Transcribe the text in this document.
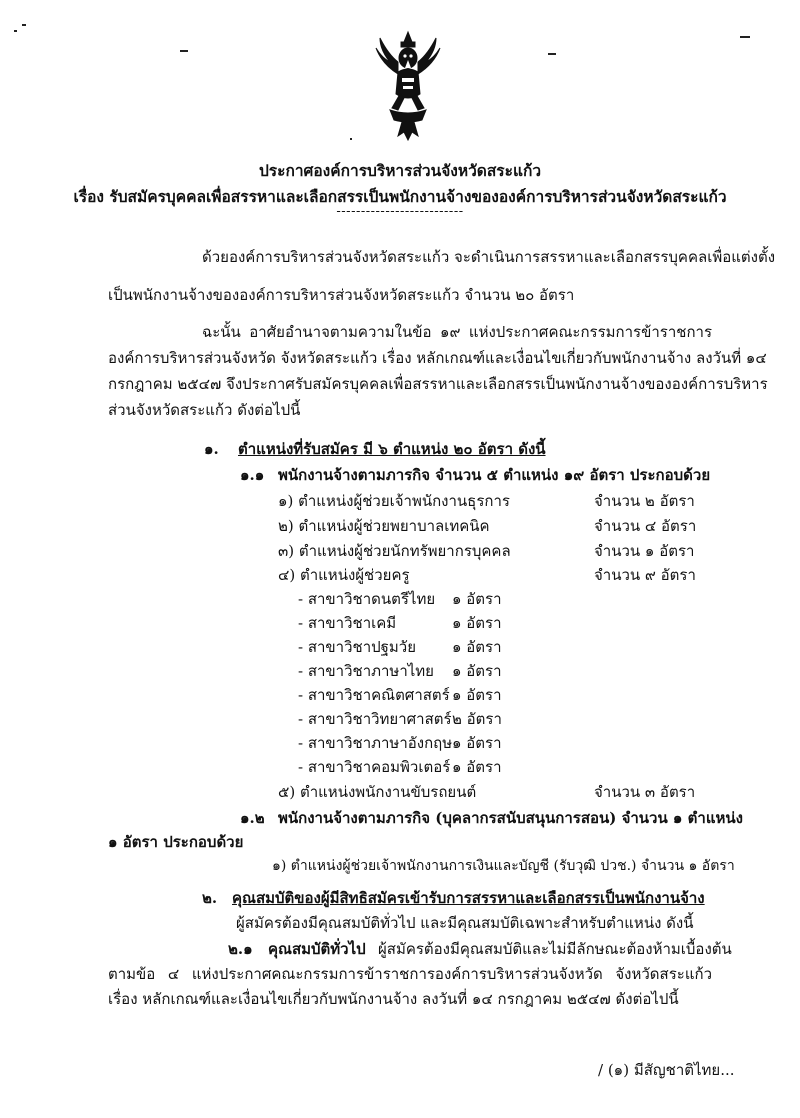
ประกาศองค์การบริหารส่วนจังหวัดสระแก้ว
เรื่อง รับสมัครบุคคลเพื่อสรรหาและเลือกสรรเป็นพนักงานจ้างขององค์การบริหารส่วนจังหวัดสระแก้ว
--------------------------
ด้วยองค์การบริหารส่วนจังหวัดสระแก้ว จะดำเนินการสรรหาและเลือกสรรบุคคลเพื่อแต่งตั้ง
เป็นพนักงานจ้างขององค์การบริหารส่วนจังหวัดสระแก้ว จำนวน ๒๐ อัตรา
ฉะนั้น อาศัยอำนาจตามความในข้อ ๑๙ แห่งประกาศคณะกรรมการข้าราชการ
องค์การบริหารส่วนจังหวัด จังหวัดสระแก้ว เรื่อง หลักเกณฑ์และเงื่อนไขเกี่ยวกับพนักงานจ้าง ลงวันที่ ๑๔
กรกฎาคม ๒๕๔๗ จึงประกาศรับสมัครบุคคลเพื่อสรรหาและเลือกสรรเป็นพนักงานจ้างขององค์การบริหาร
ส่วนจังหวัดสระแก้ว ดังต่อไปนี้
๑. ตำแหน่งที่รับสมัคร มี ๖ ตำแหน่ง ๒๐ อัตรา ดังนี้
๑.๑ พนักงานจ้างตามภารกิจ จำนวน ๕ ตำแหน่ง ๑๙ อัตรา ประกอบด้วย
๑) ตำแหน่งผู้ช่วยเจ้าพนักงานธุรการ	จำนวน ๒ อัตรา
๒) ตำแหน่งผู้ช่วยพยาบาลเทคนิค	จำนวน ๔ อัตรา
๓) ตำแหน่งผู้ช่วยนักทรัพยากรบุคคล	จำนวน ๑ อัตรา
๔) ตำแหน่งผู้ช่วยครู	จำนวน ๙ อัตรา
- สาขาวิชาดนตรีไทย ๑ อัตรา
- สาขาวิชาเคมี	๑ อัตรา
- สาขาวิชาปฐมวัย ๑ อัตรา
- สาขาวิชาภาษาไทย ๑ อัตรา
- สาขาวิชาคณิตศาสตร์ ๑ อัตรา
- สาขาวิชาวิทยาศาสตร์ ๒ อัตรา
- สาขาวิชาภาษาอังกฤษ ๑ อัตรา
- สาขาวิชาคอมพิวเตอร์ ๑ อัตรา
๕) ตำแหน่งพนักงานขับรถยนต์	จำนวน ๓ อัตรา
๑.๒ พนักงานจ้างตามภารกิจ (บุคลากรสนับสนุนการสอน) จำนวน ๑ ตำแหน่ง
๑ อัตรา ประกอบด้วย
๑) ตำแหน่งผู้ช่วยเจ้าพนักงานการเงินและบัญชี (รับวุฒิ ปวช.) จำนวน ๑ อัตรา
๒. คุณสมบัติของผู้มีสิทธิสมัครเข้ารับการสรรหาและเลือกสรรเป็นพนักงานจ้าง
ผู้สมัครต้องมีคุณสมบัติทั่วไป และมีคุณสมบัติเฉพาะสำหรับตำแหน่ง ดังนี้
๒.๑ คุณสมบัติทั่วไป ผู้สมัครต้องมีคุณสมบัติและไม่มีลักษณะต้องห้ามเบื้องต้น
ตามข้อ ๔ แห่งประกาศคณะกรรมการข้าราชการองค์การบริหารส่วนจังหวัด จังหวัดสระแก้ว
เรื่อง หลักเกณฑ์และเงื่อนไขเกี่ยวกับพนักงานจ้าง ลงวันที่ ๑๔ กรกฎาคม ๒๕๔๗ ดังต่อไปนี้
/ (๑) มีสัญชาติไทย...
